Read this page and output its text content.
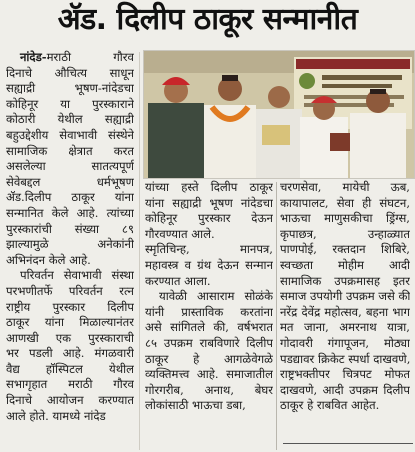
ॲड. दिलीप ठाकूर सन्मानीत
नांदेड-मराठी गौरव
दिनाचे औचित्य साधून
सह्याद्री भूषण-नांदेडचा
कोहिनूर या पुरस्काराने
कोठारी येथील सह्याद्री
बहुउद्देशीय सेवाभावी संस्थेने
सामाजिक क्षेत्रात करत
असलेल्या सातत्यपूर्ण
सेवेबद्दल धर्मभूषण
ॲड.दिलीप ठाकूर यांना
सन्मानित केले आहे. त्यांच्या
पुरस्कारांची संख्या ८९
झाल्यामुळे अनेकांनी
अभिनंदन केले आहे.
परिवर्तन सेवाभावी संस्था
परभणीतर्फे परिवर्तन रत्न
राष्ट्रीय पुरस्कार दिलीप
ठाकूर यांना मिळाल्यानंतर
आणखी एक पुरस्काराची
भर पडली आहे. मंगळवारी
वैद्य हॉस्पिटल येथील
सभागृहात मराठी गौरव
दिनाचे आयोजन करण्यात
आले होते. यामध्ये नांदेड
यांच्या हस्ते दिलीप ठाकूर
यांना सह्याद्री भूषण नांदेडचा
कोहिनूर पुरस्कार देऊन
गौरवण्यात आले.
स्मृतिचिन्ह, मानपत्र,
महावस्त्र व ग्रंथ देऊन सन्मान
करण्यात आला.
यावेळी आसाराम सोळंके
यांनी प्रास्ताविक करतांना
असे सांगितले की, वर्षभरात
८५ उपक्रम राबविणारे दिलीप
ठाकूर हे आगळेवेगळे
व्यक्तिमत्त्व आहे. समाजातील
गोरगरीब, अनाथ, बेघर
लोकांसाठी भाऊचा डबा,
चरणसेवा, मायेची ऊब,
कायापालट, सेवा ही संघटन,
भाऊचा माणुसकीचा ड्रिंग्स,
कृपाछत्र, उन्हाळ्यात
पाणपोई, रक्तदान शिबिरे,
स्वच्छता मोहीम आदी
सामाजिक उपक्रमासह इतर
समाज उपयोगी उपक्रम जसे की
नरेंद्र देवेंद्र महोत्सव, बहना भाग
मत जाना, अमरनाथ यात्रा,
गोदावरी गंगापूजन, मोठ्या
पडद्यावर क्रिकेट स्पर्धा दाखवणे,
राष्ट्रभक्तीपर चित्रपट मोफत
दाखवणे, आदी उपक्रम दिलीप
ठाकूर हे राबवित आहेत.
